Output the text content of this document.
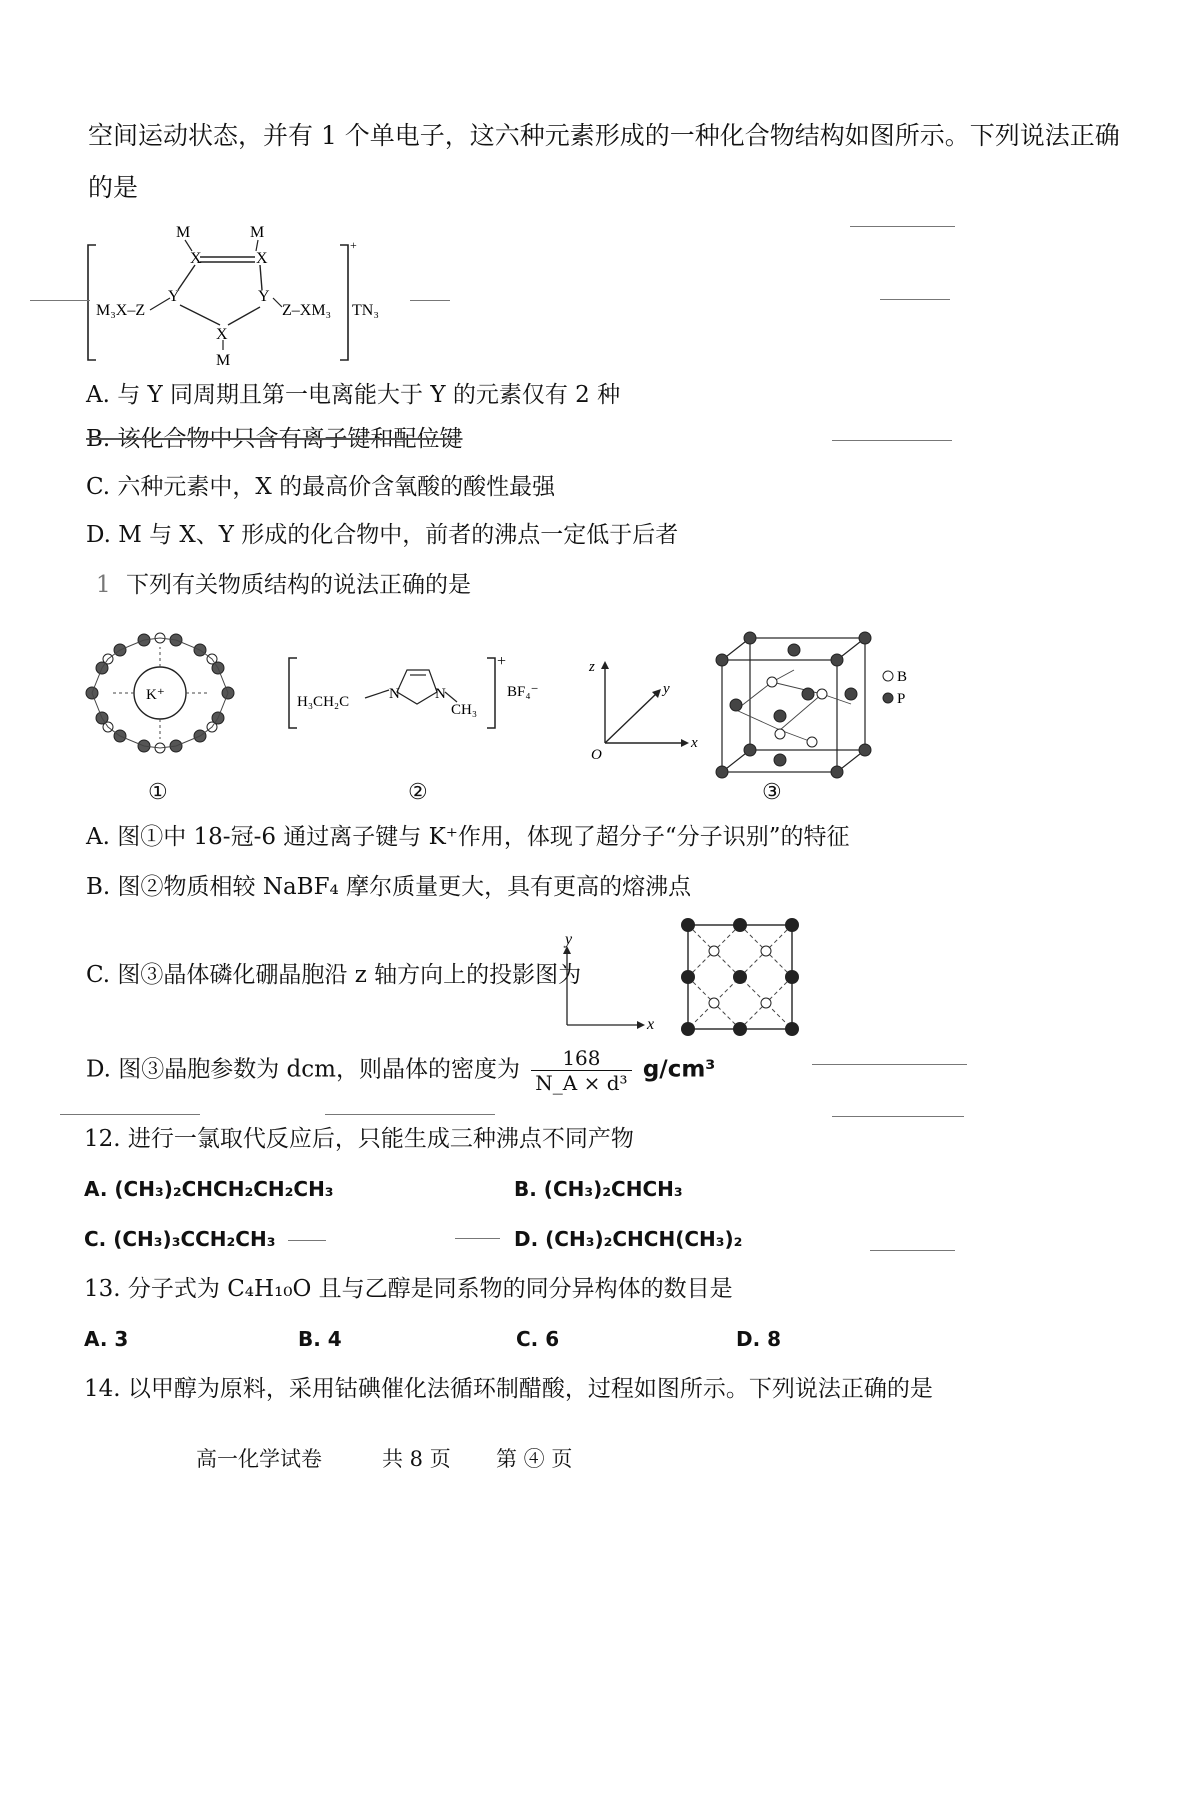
空间运动状态，并有 1 个单电子，这六种元素形成的一种化合物结构如图所示。下列说法正确
的是
M	M
X	X
M₃X–Z
Y	Y
Z–XM₃
X
M
+
TN₃
A. 与 Y 同周期且第一电离能大于 Y 的元素仅有 2 种
B. 该化合物中只含有离子键和配位键
C. 六种元素中，X 的最高价含氧酸的酸性最强
D. M 与 X、Y 形成的化合物中，前者的沸点一定低于后者
1 下列有关物质结构的说法正确的是
K⁺
①
H₃CH₂C	N N
CH₃
+
BF₄⁻
②
z
y
x
O
B
P
③
A. 图①中 18-冠-6 通过离子键与 K⁺作用，体现了超分子“分子识别”的特征
B. 图②物质相较 NaBF₄ 摩尔质量更大，具有更高的熔沸点
C. 图③晶体磷化硼晶胞沿 z 轴方向上的投影图为
y
x
D. 图③晶胞参数为 dcm，则晶体的密度为 $\frac{168}{\text{N\_A × d³}} g/cm^3$
12. 进行一氯取代反应后，只能生成三种沸点不同产物
A. (CH₃)₂CHCH₂CH₂CH₃	B. (CH₃)₂CHCH₃
C. (CH₃)₃CCH₂CH₃	D. (CH₃)₂CHCH(CH₃)₂
13. 分子式为 C₄H₁₀O 且与乙醇是同系物的同分异构体的数目是
A. 3	B. 4	C. 6	D. 8
14. 以甲醇为原料，采用钴碘催化法循环制醋酸，过程如图所示。下列说法正确的是
高一化学试卷	共 8 页 第 ④ 页
